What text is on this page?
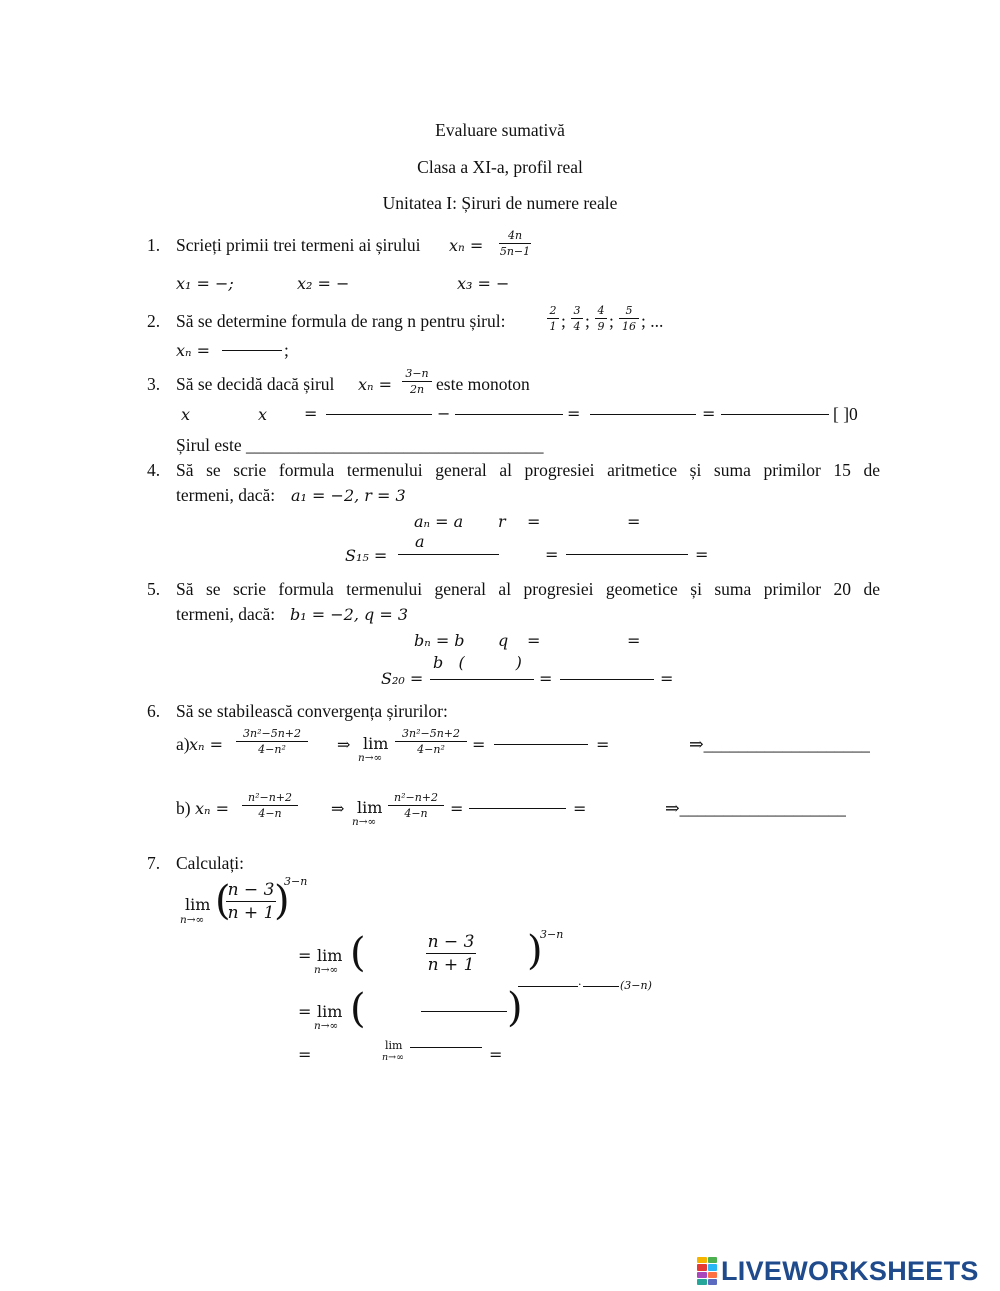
Evaluare sumativă
Clasa a XI-a, profil real
Unitatea I: Șiruri de numere reale
1. Scrieți primii trei termeni ai șirului xn =
4n
5n−1
x₁ = −;	x₂ = −	x₃ = −
2. Să se determine formula de rang n pentru șirul:
2
1 ;
3
4 ;
4
9 ;
5
16 ; ...
xₙ =	;
3. Să se decidă dacă șirul xₙ =
3−n
2n este monoton
x	x =	−	=	=	[ ]0
Șirul este __________________________________
4. Să se scrie formula termenului general al progresiei aritmetice și suma primilor 15 de
termeni, dacă: a₁ = −2, r = 3
aₙ = a r =	=
a
S₁₅ =	=	=
5. Să se scrie formula termenului general al progresiei geometice și suma primilor 20 de
termeni, dacă: b₁ = −2, q = 3
bₙ = b q =	=
b   (          )
S₂₀ =	=	=
6. Să se stabilească convergența șirurilor:
a) xₙ =
3n²−5n+2
4−n²	⇒ lim
n→∞
3n²−5n+2
4−n²	=	=	⇒___________________
b) xₙ =
n²−n+2
4−n	⇒ lim
n→∞
n²−n+2
4−n	=	=	⇒___________________
7. Calculați:
lim
n→∞ (
n − 3
n + 1 )
3−n
= lim
n→∞ (	n − 3
n + 1 )
3−n
= lim
n→∞ (	)
·	(3−n)
=	lim
n→∞	=
LIVEWORKSHEETS
